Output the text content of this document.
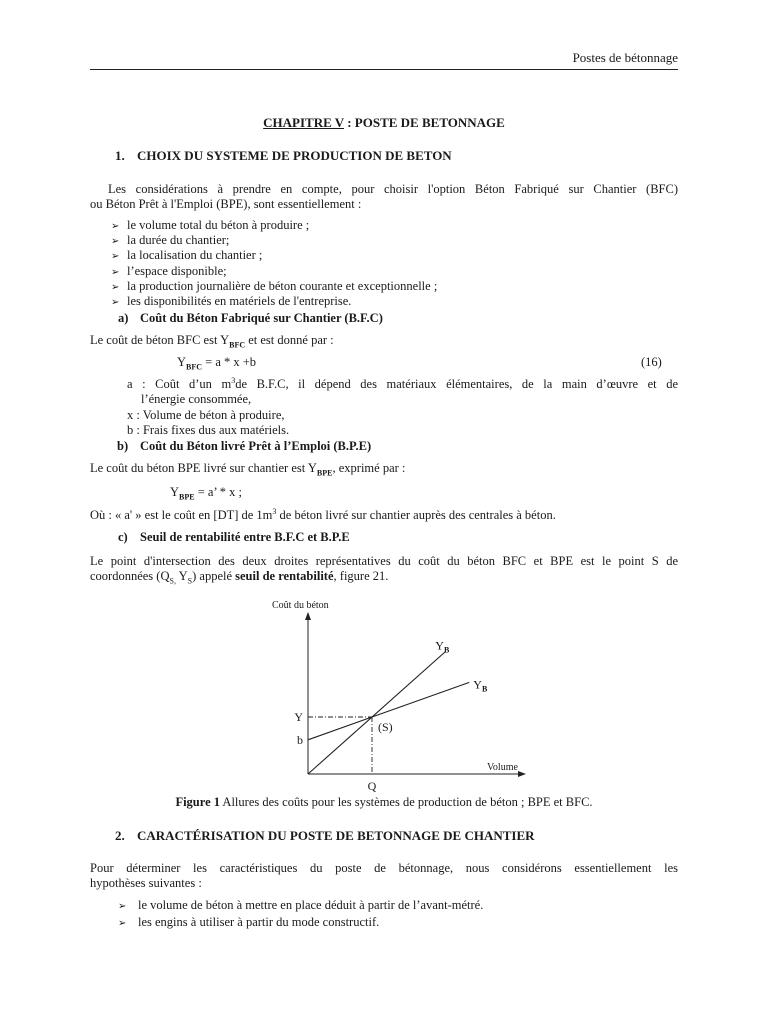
Postes de bétonnage
CHAPITRE V : POSTE DE BETONNAGE
1. CHOIX DU SYSTEME DE PRODUCTION DE BETON
Les considérations à prendre en compte, pour choisir l'option Béton Fabriqué sur Chantier (BFC)
ou Béton Prêt à l'Emploi (BPE), sont essentiellement :
➢ le volume total du béton à produire ;
➢ la durée du chantier;
➢ la localisation du chantier ;
➢ l’espace disponible;
➢ la production journalière de béton courante et exceptionnelle ;
➢ les disponibilités en matériels de l'entreprise.
a) Coût du Béton Fabriqué sur Chantier (B.F.C)
Le coût de béton BFC est $Y_{BFC}$ et est donné par :
$Y_{BFC} = a * x +b$	(16)
a : Coût d’un $m^3de$ B.F.C, il dépend des matériaux élémentaires, de la main d’œuvre et de
l’énergie consommée,
x : Volume de béton à produire,
b : Frais fixes dus aux matériels.
b) Coût du Béton livré Prêt à l’Emploi (B.P.E)
Le coût du béton BPE livré sur chantier est $Y_{BPE}$, exprimé par :
$Y_{BPE} = a$’ * x ;
Où : « a' » est le coût en [DT] de $1m^3$ de béton livré sur chantier auprès des centrales à béton.
c) Seuil de rentabilité entre B.F.C et B.P.E
Le point d'intersection des deux droites représentatives du coût du béton BFC et BPE est le point S de
coordonnées ($Q_{S,}$ $Y_S$) appelé seuil de rentabilité, figure 21.
Coût du béton
Volume
Y
b
Q
(S)
$Y_B$
$Y_B$
Figure 1 Allures des coûts pour les systèmes de production de béton ; BPE et BFC.
2. CARACTÉRISATION DU POSTE DE BETONNAGE DE CHANTIER
Pour déterminer les caractéristiques du poste de bétonnage, nous considérons essentiellement les
hypothèses suivantes :
➢ le volume de béton à mettre en place déduit à partir de l’avant-métré.
➢ les engins à utiliser à partir du mode constructif.
